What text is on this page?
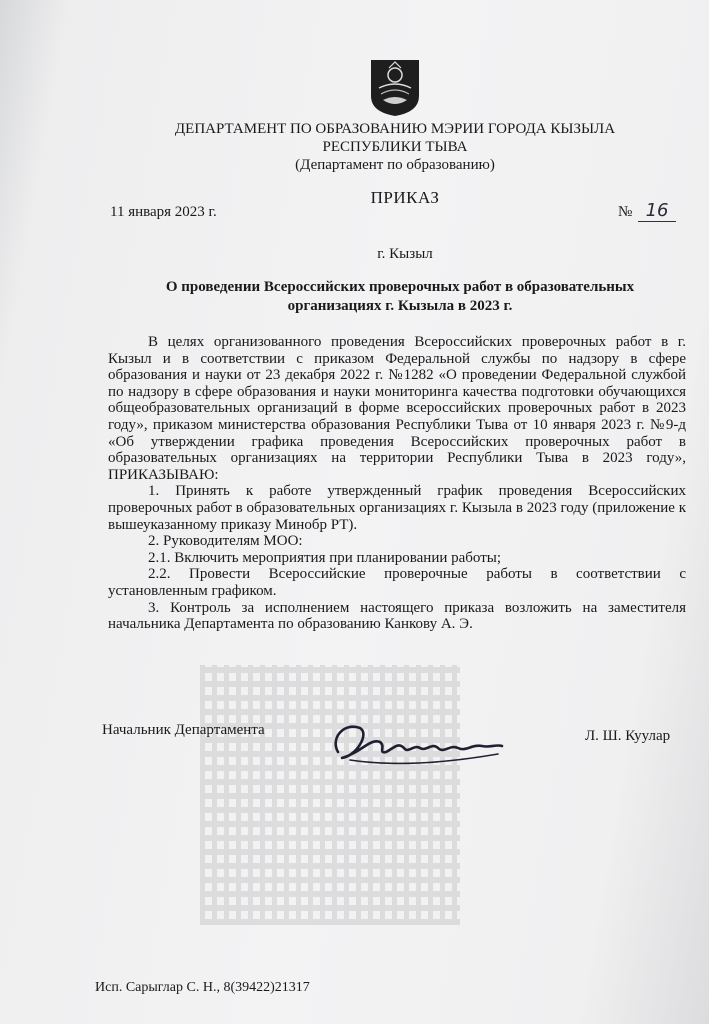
ДЕПАРТАМЕНТ ПО ОБРАЗОВАНИЮ МЭРИИ ГОРОДА КЫЗЫЛА
РЕСПУБЛИКИ ТЫВА
(Департамент по образованию)
ПРИКАЗ
11 января 2023 г.	№ 16
г. Кызыл
О проведении Всероссийских проверочных работ в образовательных
организациях г. Кызыла в 2023 г.

В целях организованного проведения Всероссийских проверочных работ в г. Кызыл и в соответствии с приказом Федеральной службы по надзору в сфере образования и науки от 23 декабря 2022 г. №1282 «О проведении Федеральной службой по надзору в сфере образования и науки мониторинга качества подготовки обучающихся общеобразовательных организаций в форме всероссийских проверочных работ в 2023 году», приказом министерства образования Республики Тыва от 10 января 2023 г. №9-д «Об утверждении графика проведения Всероссийских проверочных работ в образовательных организациях на территории Республики Тыва в 2023 году», ПРИКАЗЫВАЮ:

1. Принять к работе утвержденный график проведения Всероссийских проверочных работ в образовательных организациях г. Кызыла в 2023 году (приложение к вышеуказанному приказу Минобр РТ).

2. Руководителям МОО:

2.1. Включить мероприятия при планировании работы;

2.2. Провести Всероссийские проверочные работы в соответствии с установленным графиком.

3. Контроль за исполнением настоящего приказа возложить на заместителя начальника Департамента по образованию Канкову А. Э.

Начальник Департамента	Л. Ш. Куулар
Исп. Сарыглар С. Н., 8(39422)21317
